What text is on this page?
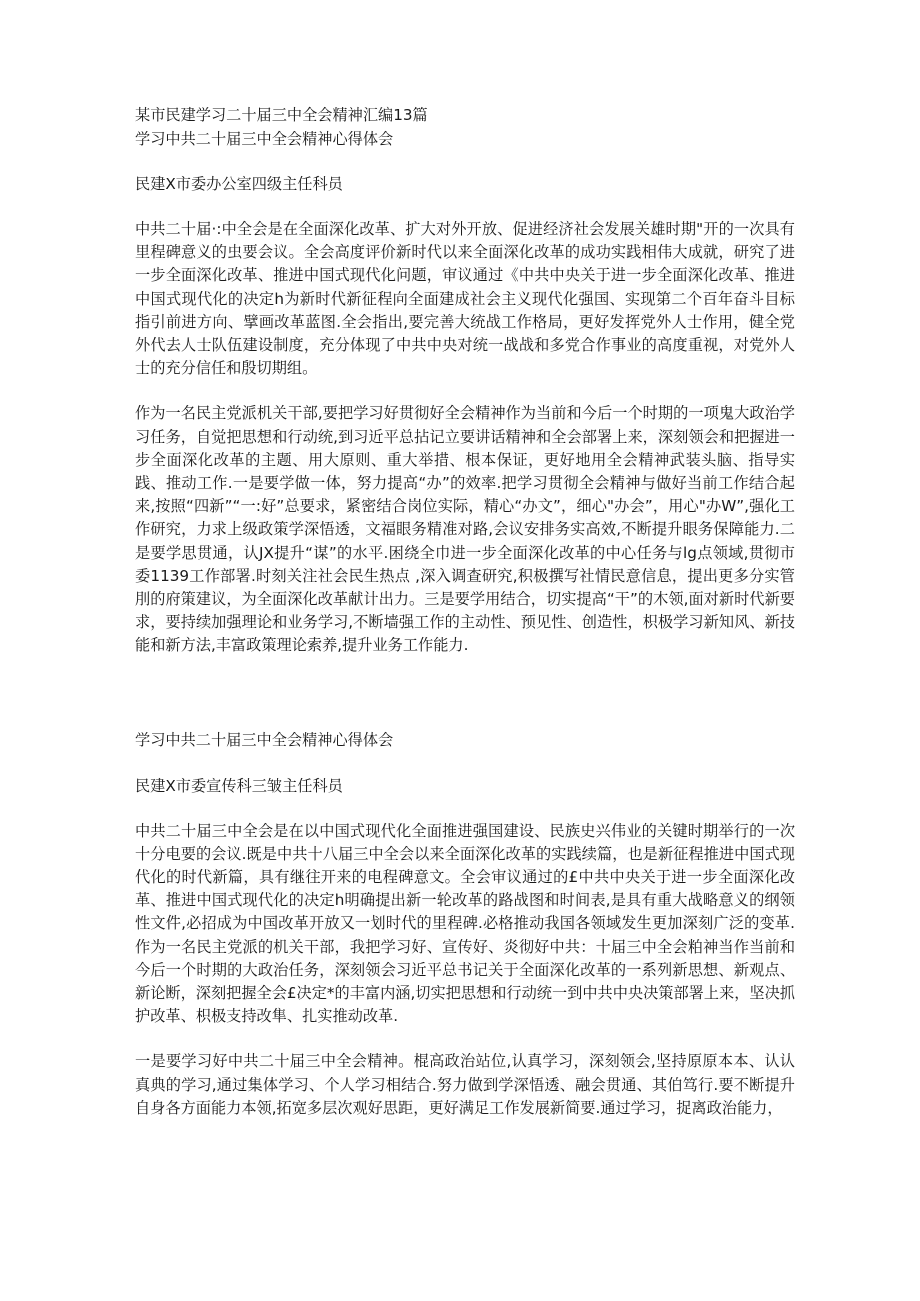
某市民建学习二十届三中全会精神汇编13篇

学习中共二十届三中全会精神心得体会

民建X市委办公室四级主任科员

中共二十届·:中全会是在全面深化改革、扩大对外开放、促进经济社会发展关雄时期"开的一次具有里程碑意义的虫要会议。全会高度评价新时代以来全面深化改革的成功实践相伟大成就，研究了进一步全面深化改革、推进中国式现代化问题，审议通过《中共中央关于进一步全面深化改革、推进中国式现代化的决定h为新时代新征程向全面建成社会主义现代化强国、实现第二个百年奋斗目标指引前进方向、擘画改革蓝图.全会指出,要完善大统战工作格局，更好发挥党外人士作用，健全党外代去人士队伍建设制度，充分体现了中共中央对统一战战和多党合作事业的高度重视，对党外人士的充分信任和殷切期组。

作为一名民主党派机关干部,要把学习好贯彻好全会精神作为当前和今后一个时期的一项鬼大政治学习任务，自觉把思想和行动统,到习近平总拈记立要讲话精神和全会部署上来，深刻领会和把握进一步全面深化改革的主题、用大原则、重大举措、根本保证，更好地用全会精神武装头脑、指导实践、推动工作.一是要学做一体，努力提高“办”的效率.把学习贯彻全会精神与做好当前工作结合起来,按照“四新”“一:好”总要求，紧密结合岗位实际，精心“办文”，细心"办会”，用心"办W”,强化工作研究，力求上级政策学深悟透，文福眼务精准对路,会议安排务实高效,不断提升眼务保障能力.二是要学思贯通，认JX提升“谋”的水平.困绕全巾进一步全面深化改革的中心任务与lg点领域,贯彻市委1139工作部署.时刻关注社会民生热点 ,深入调查研究,积极撰写社情民意信息，提出更多分实管刖的府策建议，为全面深化改革献计出力。三是要学用结合，切实提高“干”的木领,面对新时代新要求，要持续加强理论和业务学习,不断墙强工作的主动性、预见性、创造性，枳极学习新知风、新技能和新方法,丰富政策理论索养,提升业务工作能力.

学习中共二十届三中全会精神心得体会

民建X市委宣传科三皱主任科员

中共二十届三中全会是在以中国式现代化全面推进强国建设、民族史兴伟业的关键时期举行的一次十分电要的会议.既是中共十八届三中全会以来全面深化改革的实践续篇，也是新征程推进中国式现代化的时代新篇，具有继往开来的电程碑意文。全会审议通过的£中共中央关于进一步全面深化改革、推进中国式现代化的决定h明确提出新一轮改革的路战图和时间表,是具有重大战略意义的纲领性文件,必招成为中国改革开放又一划时代的里程碑.必格推动我国各领域发生更加深刻广泛的变革.作为一名民主党派的机关干部，我把学习好、宣传好、炎彻好中共：十届三中全会粕神当作当前和今后一个时期的大政治任务，深刻领会习近平总书记关于全面深化改革的一系列新思想、新观点、新论断，深刻把握全会£决定*的丰富内涵,切实把思想和行动统一到中共中央决策部署上来，坚决抓护改革、枳极支持改隼、扎实推动改革.

一是要学习好中共二十届三中全会精神。棍高政治站位,认真学习，深刻领会,坚持原原本本、认认真典的学习,通过集体学习、个人学习相结合.努力做到学深悟透、融会贯通、其伯笃行.要不断提升自身各方面能力本领,拓宽多层次观好思距，更好满足工作发展新简要.通过学习，捉离政治能力，
